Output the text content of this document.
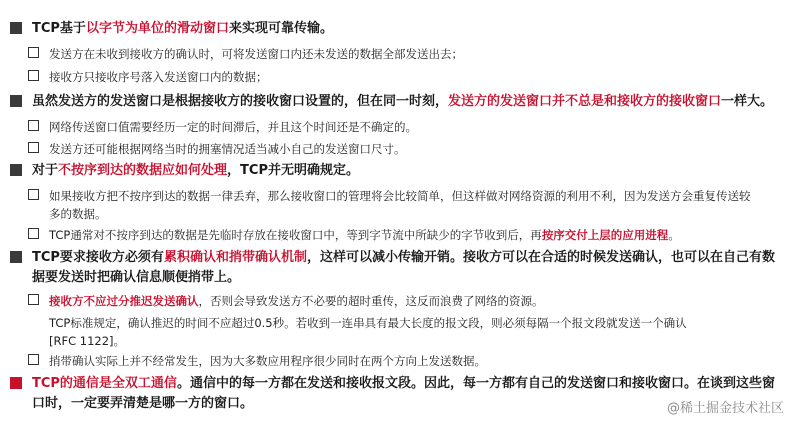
TCP基于以字节为单位的滑动窗口来实现可靠传输。
发送方在未收到接收方的确认时，可将发送窗口内还未发送的数据全部发送出去；
接收方只接收序号落入发送窗口内的数据；
虽然发送方的发送窗口是根据接收方的接收窗口设置的，但在同一时刻，发送方的发送窗口并不总是和接收方的接收窗口一样大。
网络传送窗口值需要经历一定的时间滞后，并且这个时间还是不确定的。
发送方还可能根据网络当时的拥塞情况适当减小自己的发送窗口尺寸。
对于不按序到达的数据应如何处理，TCP并无明确规定。
如果接收方把不按序到达的数据一律丢弃，那么接收窗口的管理将会比较简单，但这样做对网络资源的利用不利，因为发送方会重复传送较
多的数据。
TCP通常对不按序到达的数据是先临时存放在接收窗口中，等到字节流中所缺少的字节收到后，再按序交付上层的应用进程。
TCP要求接收方必须有累积确认和捎带确认机制，这样可以减小传输开销。接收方可以在合适的时候发送确认，也可以在自己有数
据要发送时把确认信息顺便捎带上。
接收方不应过分推迟发送确认，否则会导致发送方不必要的超时重传，这反而浪费了网络的资源。
TCP标准规定，确认推迟的时间不应超过0.5秒。若收到一连串具有最大长度的报文段，则必须每隔一个报文段就发送一个确认
[RFC 1122]。
捎带确认实际上并不经常发生，因为大多数应用程序很少同时在两个方向上发送数据。
TCP的通信是全双工通信。通信中的每一方都在发送和接收报文段。因此，每一方都有自己的发送窗口和接收窗口。在谈到这些窗
口时，一定要弄清楚是哪一方的窗口。	@稀土掘金技术社区
